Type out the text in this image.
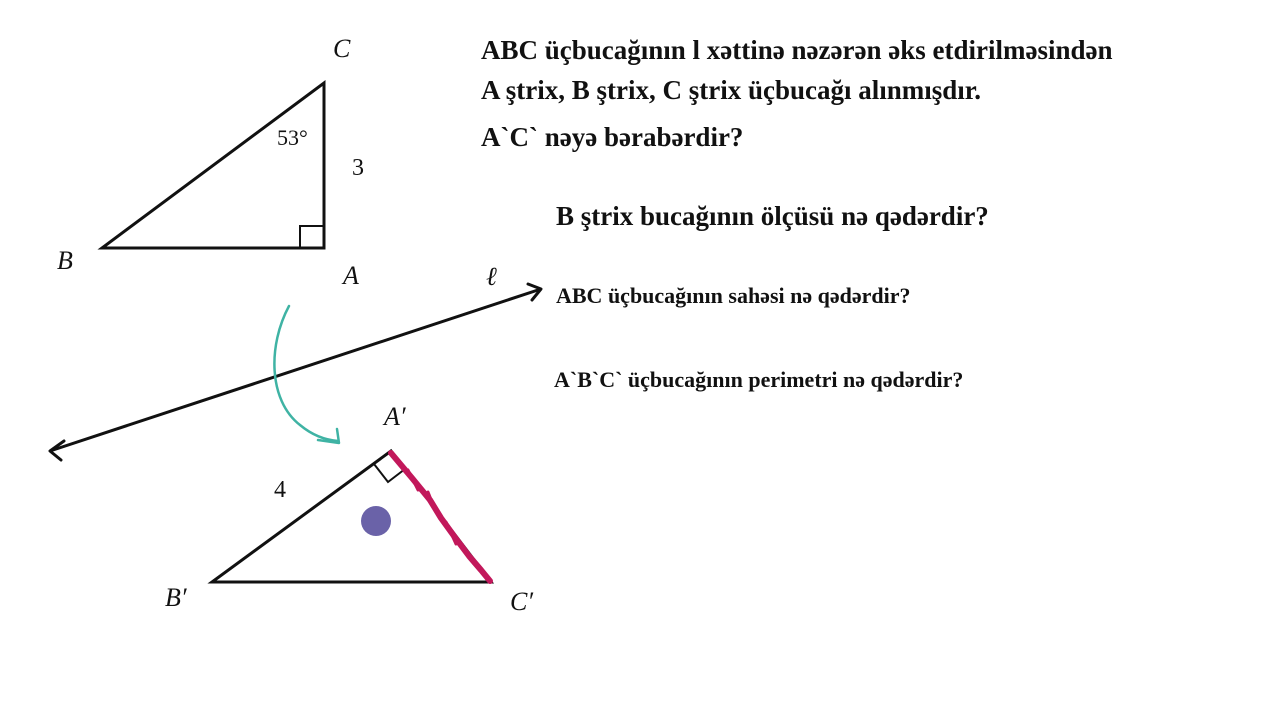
C
B
A
53°
3
ℓ
A′
B′	C′
4

ABC üçbucağının l xəttinə nəzərən əks etdirilməsindən
A ştrix, B ştrix, C ştrix üçbucağı alınmışdır.

A`C` nəyə bərabərdir?

B ştrix bucağının ölçüsü nə qədərdir?

ABC üçbucağının sahəsi nə qədərdir?

A`B`C` üçbucağının perimetri nə qədərdir?
